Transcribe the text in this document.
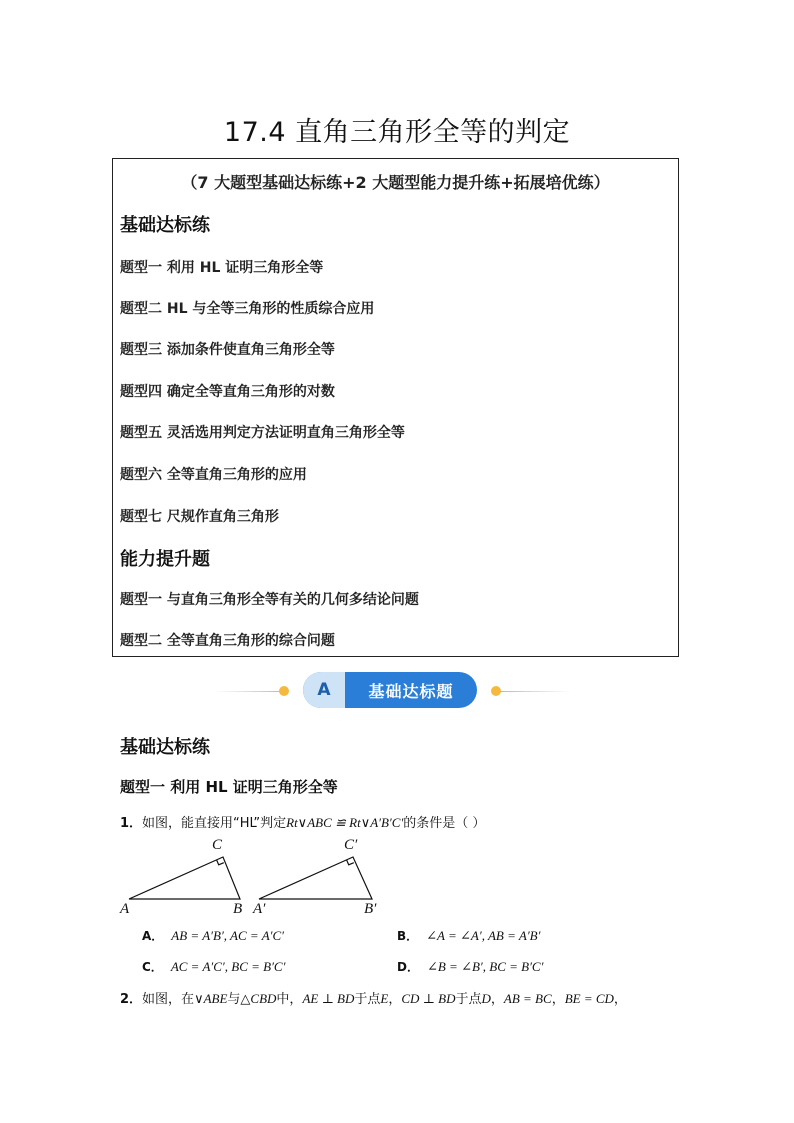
17.4 直角三角形全等的判定
（7 大题型基础达标练+2 大题型能力提升练+拓展培优练）
基础达标练
题型一 利用 HL 证明三角形全等
题型二 HL 与全等三角形的性质综合应用
题型三 添加条件使直角三角形全等
题型四 确定全等直角三角形的对数
题型五 灵活选用判定方法证明直角三角形全等
题型六 全等直角三角形的应用
题型七 尺规作直角三角形
能力提升题
题型一 与直角三角形全等有关的几何多结论问题
题型二 全等直角三角形的综合问题
A	基础达标题
基础达标练
题型一 利用 HL 证明三角形全等
1．如图，能直接用“HL”判定Rt∨ABC ≌ Rt∨A′B′C′的条件是（ ）
A	B
C
A′	B′
C′
A． AB = A′B′, AC = A′C′	B． ∠A = ∠A′, AB = A′B′
C． AC = A′C′, BC = B′C′	D． ∠B = ∠B′, BC = B′C′
2．如图，在∨ABE与△CBD中，AE ⊥ BD于点E，CD ⊥ BD于点D，AB = BC，BE = CD，
